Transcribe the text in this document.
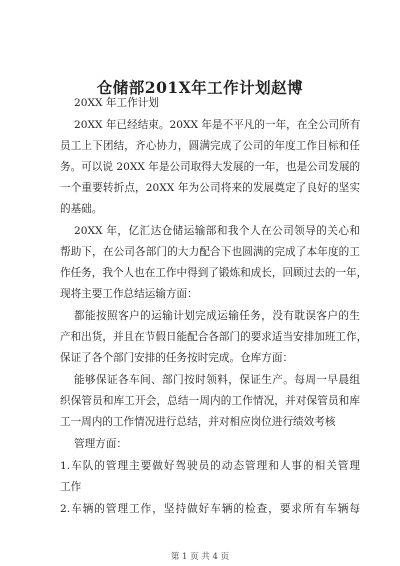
仓储部201X年工作计划赵博
20XX 年工作计划
20XX 年已经结束。20XX 年是不平凡的一年，在全公司所有
员工上下团结，齐心协力，圆满完成了公司的年度工作目标和任
务。可以说 20XX 年是公司取得大发展的一年，也是公司发展的
一个重要转折点，20XX 年为公司将来的发展奠定了良好的坚实
的基础。
20XX 年，亿汇达仓储运输部和我个人在公司领导的关心和
帮助下，在公司各部门的大力配合下也圆满的完成了本年度的工
作任务，我个人也在工作中得到了锻炼和成长，回顾过去的一年，
现将主要工作总结运输方面：
都能按照客户的运输计划完成运输任务，没有耽误客户的生
产和出货，并且在节假日能配合各部门的要求适当安排加班工作，
保证了各个部门安排的任务按时完成。仓库方面：
能够保证各车间、部门按时领料，保证生产。每周一早晨组
织保管员和库工开会，总结一周内的工作情况，并对保管员和库
工一周内的工作情况进行总结，并对相应岗位进行绩效考核
管理方面：
1.车队的管理主要做好驾驶员的动态管理和人事的相关管理
工作
2.车辆的管理工作，坚持做好车辆的检查，要求所有车辆每
第 1 页 共 4 页
